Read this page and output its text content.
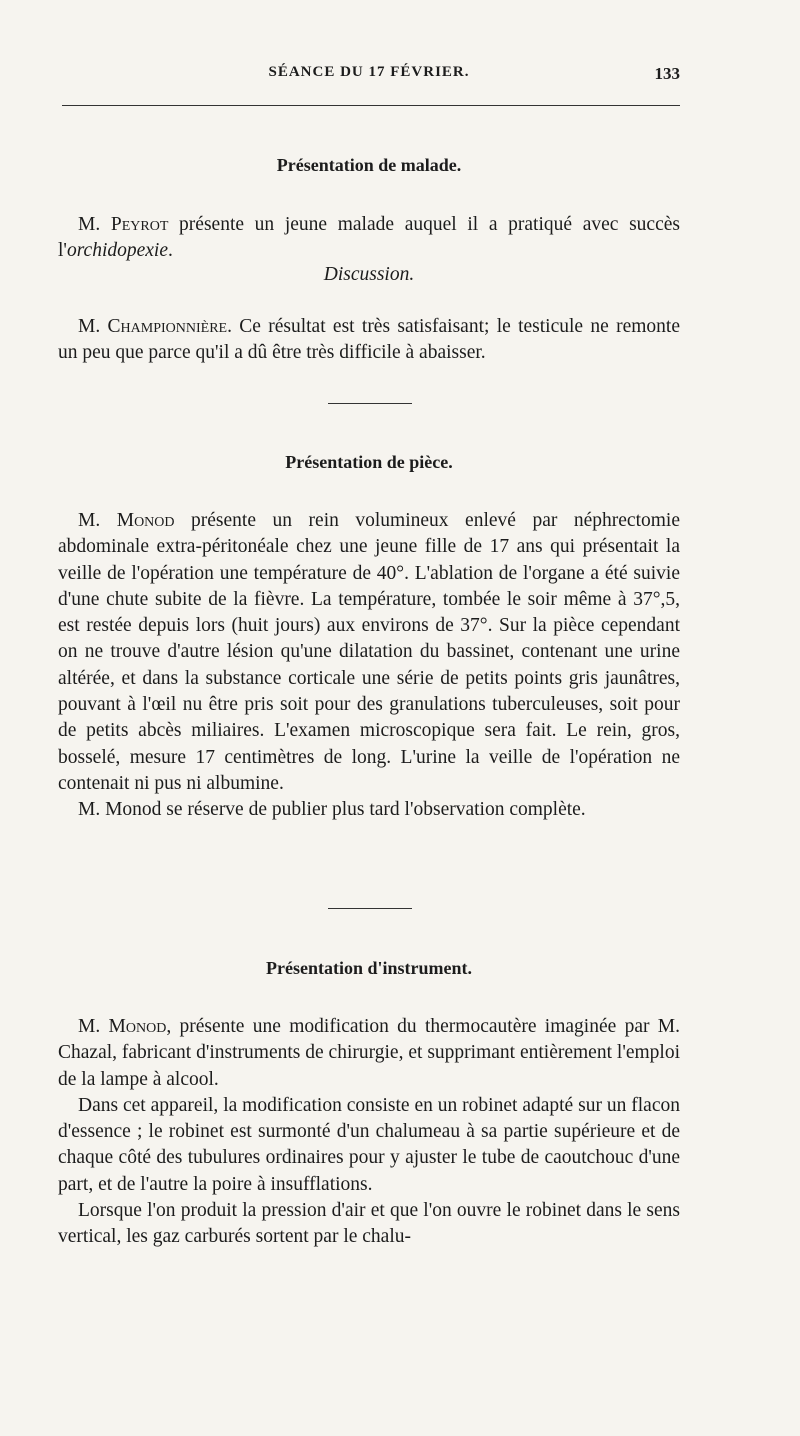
SÉANCE DU 17 FÉVRIER.	133
Présentation de malade.

M. Peyrot présente un jeune malade auquel il a pratiqué avec succès l'orchidopexie.

Discussion.

M. Championnière. Ce résultat est très satisfaisant; le testicule ne remonte un peu que parce qu'il a dû être très difficile à abaisser.

Présentation de pièce.

M. Monod présente un rein volumineux enlevé par néphrectomie abdominale extra-péritonéale chez une jeune fille de 17 ans qui présentait la veille de l'opération une température de 40°. L'ablation de l'organe a été suivie d'une chute subite de la fièvre. La température, tombée le soir même à 37°,5, est restée depuis lors (huit jours) aux environs de 37°. Sur la pièce cependant on ne trouve d'autre lésion qu'une dilatation du bassinet, contenant une urine altérée, et dans la substance corticale une série de petits points gris jaunâtres, pouvant à l'œil nu être pris soit pour des granulations tuberculeuses, soit pour de petits abcès miliaires. L'examen microscopique sera fait. Le rein, gros, bosselé, mesure 17 centimètres de long. L'urine la veille de l'opération ne contenait ni pus ni albumine.

M. Monod se réserve de publier plus tard l'observation complète.

Présentation d'instrument.

M. Monod, présente une modification du thermocautère imaginée par M. Chazal, fabricant d'instruments de chirurgie, et supprimant entièrement l'emploi de la lampe à alcool.

Dans cet appareil, la modification consiste en un robinet adapté sur un flacon d'essence ; le robinet est surmonté d'un chalumeau à sa partie supérieure et de chaque côté des tubulures ordinaires pour y ajuster le tube de caoutchouc d'une part, et de l'autre la poire à insufflations.

Lorsque l'on produit la pression d'air et que l'on ouvre le robinet dans le sens vertical, les gaz carburés sortent par le chalu-
